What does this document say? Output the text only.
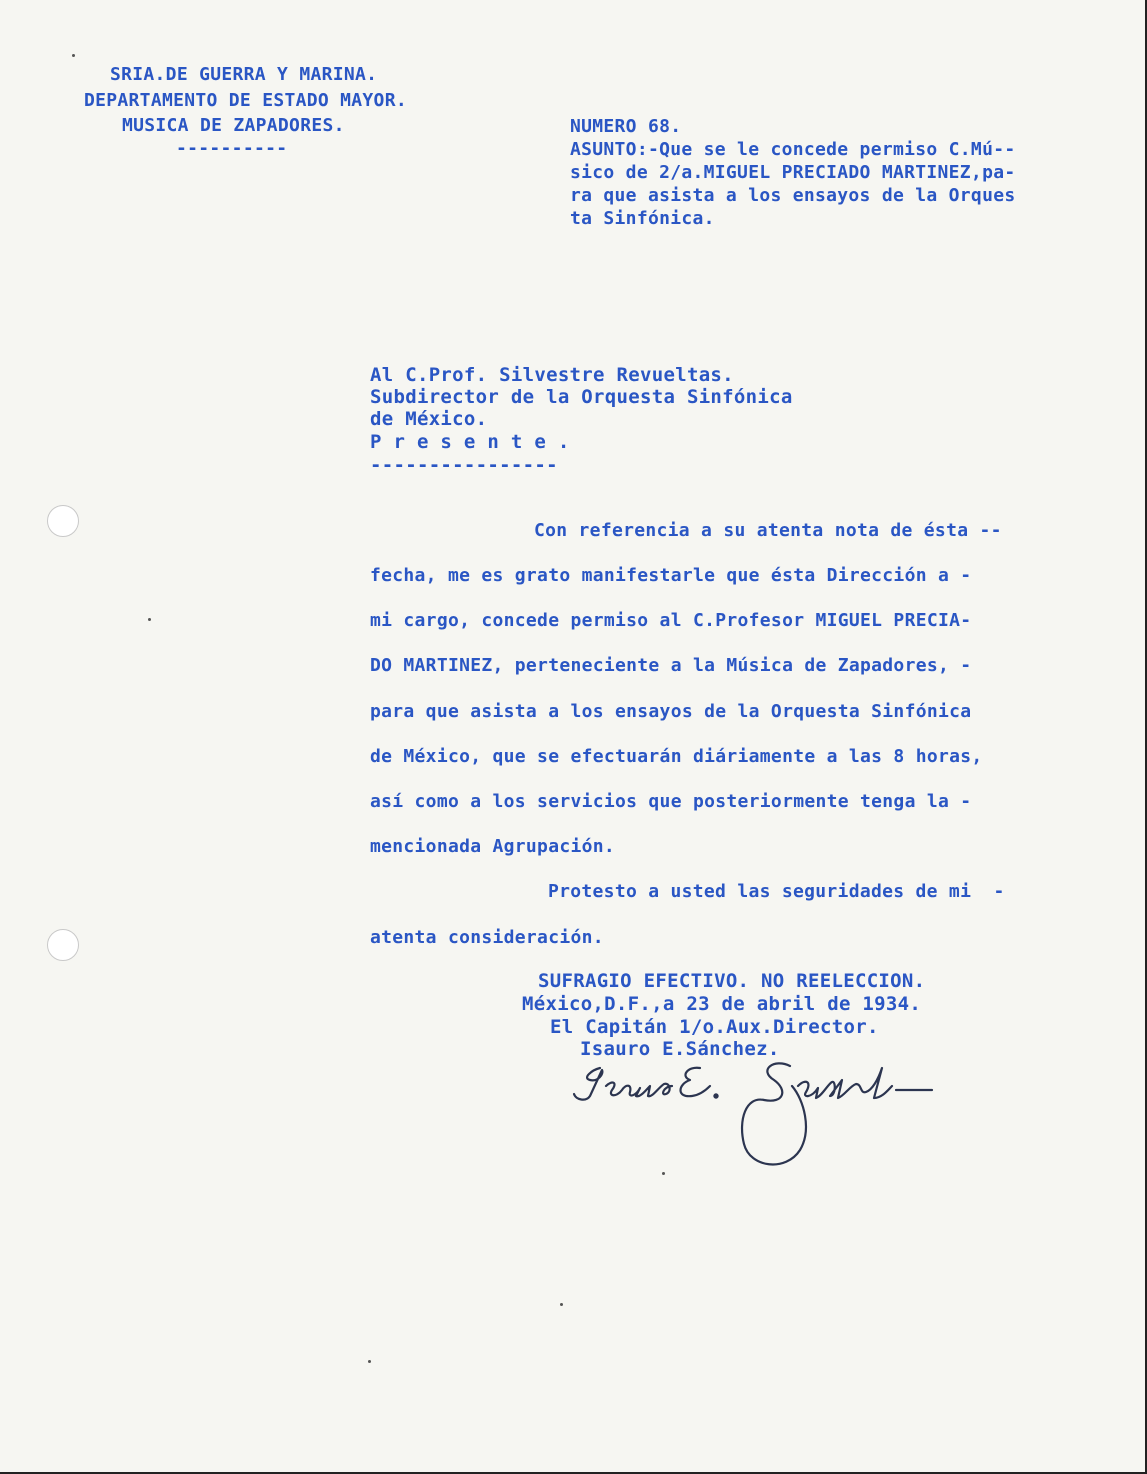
SRIA.DE GUERRA Y MARINA.
DEPARTAMENTO DE ESTADO MAYOR.
MUSICA DE ZAPADORES.
----------
NUMERO 68.
ASUNTO:-Que se le concede permiso C.Mú--
sico de 2/a.MIGUEL PRECIADO MARTINEZ,pa-
ra que asista a los ensayos de la Orques
ta Sinfónica.
Al C.Prof. Silvestre Revueltas.
Subdirector de la Orquesta Sinfónica
de México.
P r e s e n t e .
----------------
Con referencia a su atenta nota de ésta --
fecha, me es grato manifestarle que ésta Dirección a -
mi cargo, concede permiso al C.Profesor MIGUEL PRECIA-
DO MARTINEZ, perteneciente a la Música de Zapadores, -
para que asista a los ensayos de la Orquesta Sinfónica
de México, que se efectuarán diáriamente a las 8 horas,
así como a los servicios que posteriormente tenga la -
mencionada Agrupación.
Protesto a usted las seguridades de mi  -
atenta consideración.
SUFRAGIO EFECTIVO. NO REELECCION.
México,D.F.,a 23 de abril de 1934.
El Capitán 1/o.Aux.Director.
Isauro E.Sánchez.
